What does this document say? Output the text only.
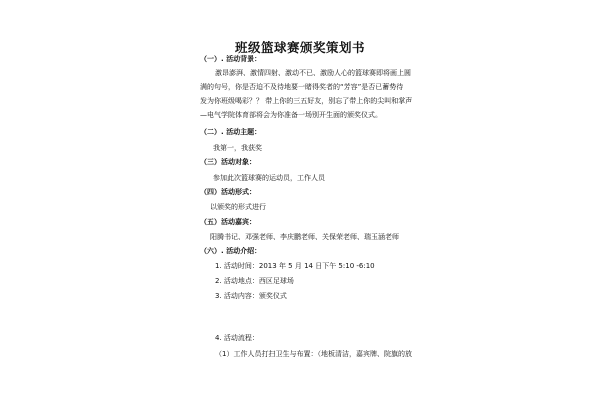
班级篮球赛颁奖策划书
（一）. 活动背景：
激昂澎湃、激情四射、激动不已、激励人心的篮球赛即将画上圆
满的句号，你是否迫不及待地要一睹得奖者的“芳容”是否已蓄势待
发为你班级喝彩？？ 带上你的三五好友，别忘了带上你的尖叫和掌声
—电气学院体育部将会为你准备一场别开生面的颁奖仪式。
（二）. 活动主题：
我第一，我获奖
（三）活动对象：
参加此次篮球赛的运动员，工作人员
（四）活动形式：
以颁奖的形式进行
（五）活动嘉宾：
阳腾书记、邓强老师、李庆鹏老师、关保荣老师、瑞玉涵老师
（六）. 活动介绍：
1. 活动时间：2013 年 5 月 14 日下午 5:10 -6:10
2. 活动地点：西区足球场
3. 活动内容：颁奖仪式
4. 活动流程：
（1）工作人员打扫卫生与布置：（地板清洁，嘉宾牌、院旗的放
